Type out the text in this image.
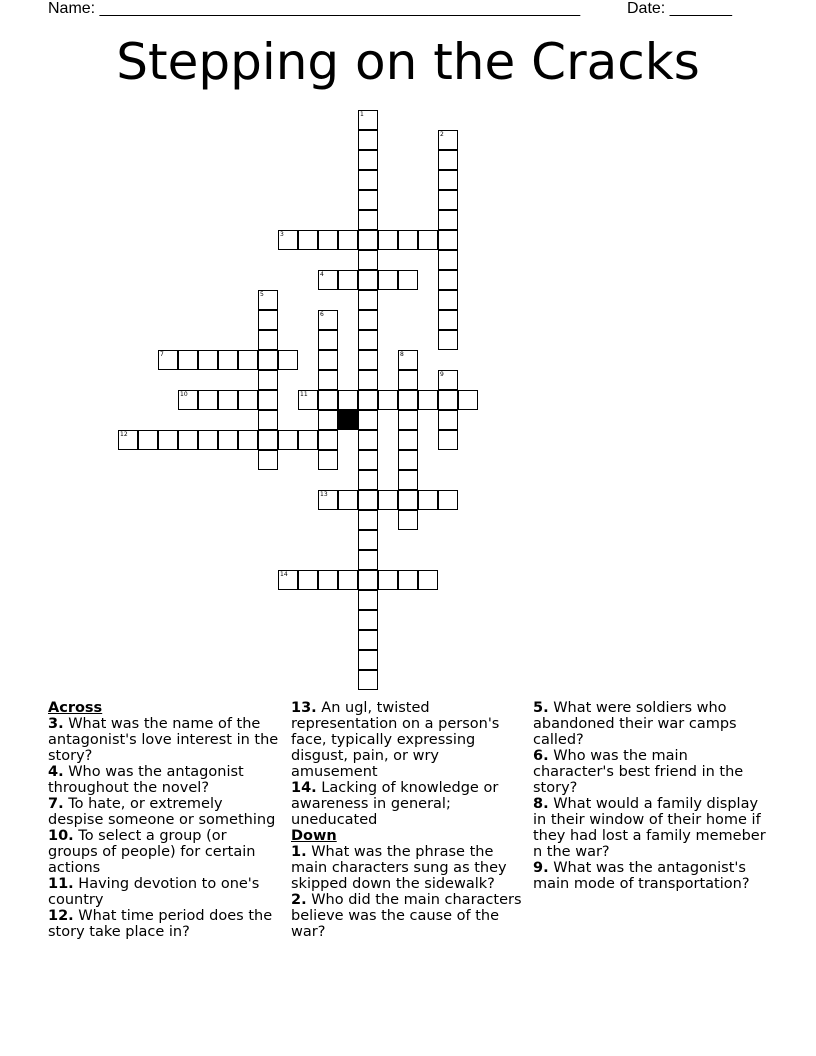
Name: ______________________________________________________	Date: _______
Stepping on the Cracks
1
2
3
4
5
6
7	8
9
10	11
12
13
14
Across
3. What was the name of the antagonist's love interest in the story?
4. Who was the antagonist throughout the novel?
7. To hate, or extremely despise someone or something
10. To select a group (or groups of people) for certain actions
11. Having devotion to one's country
12. What time period does the story take place in?
13. An ugl, twisted representation on a person's face, typically expressing disgust, pain, or wry amusement
14. Lacking of knowledge or awareness in general; uneducated
Down
1. What was the phrase the main characters sung as they skipped down the sidewalk?
2. Who did the main characters believe was the cause of the war?
5. What were soldiers who abandoned their war camps called?
6. Who was the main character's best friend in the story?
8. What would a family display in their window of their home if they had lost a family memeber n the war?
9. What was the antagonist's main mode of transportation?
